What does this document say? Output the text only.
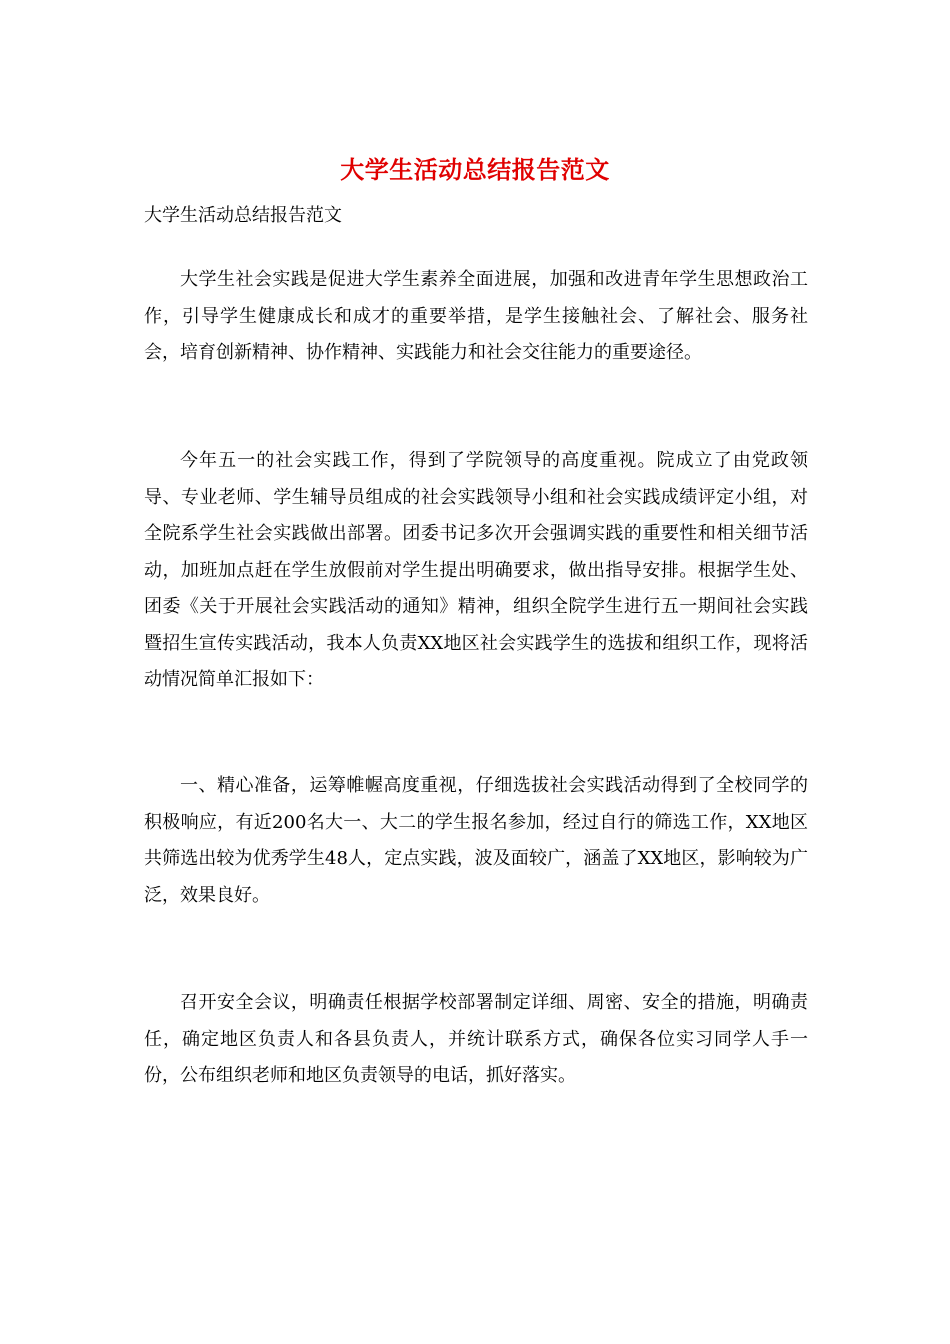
大学生活动总结报告范文

大学生活动总结报告范文

大学生社会实践是促进大学生素养全面进展，加强和改进青年学生思想政治工作，引导学生健康成长和成才的重要举措，是学生接触社会、了解社会、服务社会，培育创新精神、协作精神、实践能力和社会交往能力的重要途径。

今年五一的社会实践工作，得到了学院领导的高度重视。院成立了由党政领导、专业老师、学生辅导员组成的社会实践领导小组和社会实践成绩评定小组，对全院系学生社会实践做出部署。团委书记多次开会强调实践的重要性和相关细节活动，加班加点赶在学生放假前对学生提出明确要求，做出指导安排。根据学生处、团委《关于开展社会实践活动的通知》精神，组织全院学生进行五一期间社会实践暨招生宣传实践活动，我本人负责XX地区社会实践学生的选拔和组织工作，现将活动情况简单汇报如下：

一、精心准备，运筹帷幄高度重视，仔细选拔社会实践活动得到了全校同学的积极响应，有近200名大一、大二的学生报名参加，经过自行的筛选工作，XX地区共筛选出较为优秀学生48人，定点实践，波及面较广，涵盖了XX地区，影响较为广泛，效果良好。

召开安全会议，明确责任根据学校部署制定详细、周密、安全的措施，明确责任，确定地区负责人和各县负责人，并统计联系方式，确保各位实习同学人手一份，公布组织老师和地区负责领导的电话，抓好落实。
